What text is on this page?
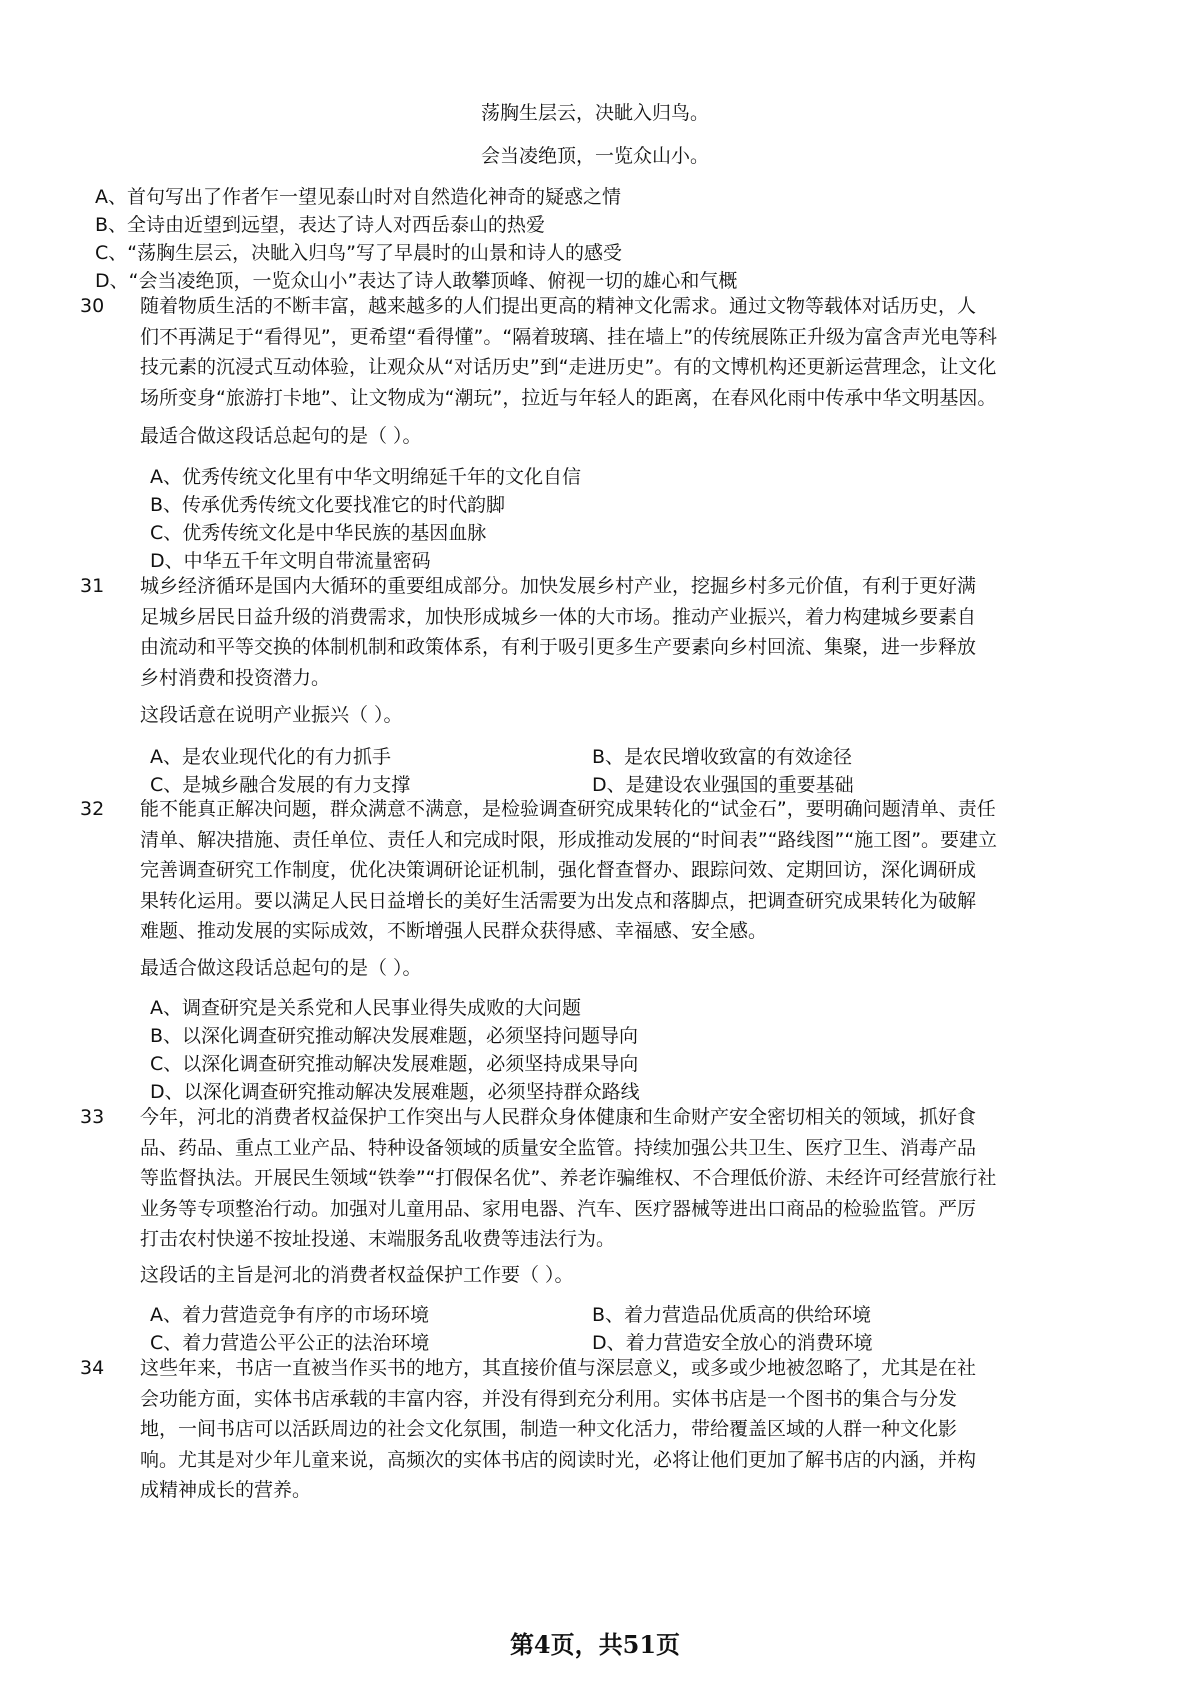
荡胸生层云，决眦入归鸟。
会当凌绝顶，一览众山小。
A、首句写出了作者乍一望见泰山时对自然造化神奇的疑惑之情
B、全诗由近望到远望，表达了诗人对西岳泰山的热爱
C、“荡胸生层云，决眦入归鸟”写了早晨时的山景和诗人的感受
D、“会当凌绝顶，一览众山小”表达了诗人敢攀顶峰、俯视一切的雄心和气概
30 随着物质生活的不断丰富，越来越多的人们提出更高的精神文化需求。通过文物等载体对话历史，人
们不再满足于“看得见”，更希望“看得懂”。“隔着玻璃、挂在墙上”的传统展陈正升级为富含声光电等科
技元素的沉浸式互动体验，让观众从“对话历史”到“走进历史”。有的文博机构还更新运营理念，让文化
场所变身“旅游打卡地”、让文物成为“潮玩”，拉近与年轻人的距离，在春风化雨中传承中华文明基因。
最适合做这段话总起句的是（ ）。
A、优秀传统文化里有中华文明绵延千年的文化自信
B、传承优秀传统文化要找准它的时代韵脚
C、优秀传统文化是中华民族的基因血脉
D、中华五千年文明自带流量密码
31 城乡经济循环是国内大循环的重要组成部分。加快发展乡村产业，挖掘乡村多元价值，有利于更好满
足城乡居民日益升级的消费需求，加快形成城乡一体的大市场。推动产业振兴，着力构建城乡要素自
由流动和平等交换的体制机制和政策体系，有利于吸引更多生产要素向乡村回流、集聚，进一步释放
乡村消费和投资潜力。
这段话意在说明产业振兴（ ）。
A、是农业现代化的有力抓手	B、是农民增收致富的有效途径
C、是城乡融合发展的有力支撑	D、是建设农业强国的重要基础
32 能不能真正解决问题，群众满意不满意，是检验调查研究成果转化的“试金石”，要明确问题清单、责任
清单、解决措施、责任单位、责任人和完成时限，形成推动发展的“时间表”“路线图”“施工图”。要建立
完善调查研究工作制度，优化决策调研论证机制，强化督查督办、跟踪问效、定期回访，深化调研成
果转化运用。要以满足人民日益增长的美好生活需要为出发点和落脚点，把调查研究成果转化为破解
难题、推动发展的实际成效，不断增强人民群众获得感、幸福感、安全感。
最适合做这段话总起句的是（ ）。
A、调查研究是关系党和人民事业得失成败的大问题
B、以深化调查研究推动解决发展难题，必须坚持问题导向
C、以深化调查研究推动解决发展难题，必须坚持成果导向
D、以深化调查研究推动解决发展难题，必须坚持群众路线
33 今年，河北的消费者权益保护工作突出与人民群众身体健康和生命财产安全密切相关的领域，抓好食
品、药品、重点工业产品、特种设备领域的质量安全监管。持续加强公共卫生、医疗卫生、消毒产品
等监督执法。开展民生领域“铁拳”“打假保名优”、养老诈骗维权、不合理低价游、未经许可经营旅行社
业务等专项整治行动。加强对儿童用品、家用电器、汽车、医疗器械等进出口商品的检验监管。严厉
打击农村快递不按址投递、末端服务乱收费等违法行为。
这段话的主旨是河北的消费者权益保护工作要（ ）。
A、着力营造竞争有序的市场环境	B、着力营造品优质高的供给环境
C、着力营造公平公正的法治环境	D、着力营造安全放心的消费环境
34 这些年来，书店一直被当作买书的地方，其直接价值与深层意义，或多或少地被忽略了，尤其是在社
会功能方面，实体书店承载的丰富内容，并没有得到充分利用。实体书店是一个图书的集合与分发
地，一间书店可以活跃周边的社会文化氛围，制造一种文化活力，带给覆盖区域的人群一种文化影
响。尤其是对少年儿童来说，高频次的实体书店的阅读时光，必将让他们更加了解书店的内涵，并构
成精神成长的营养。
第4页，共51页
